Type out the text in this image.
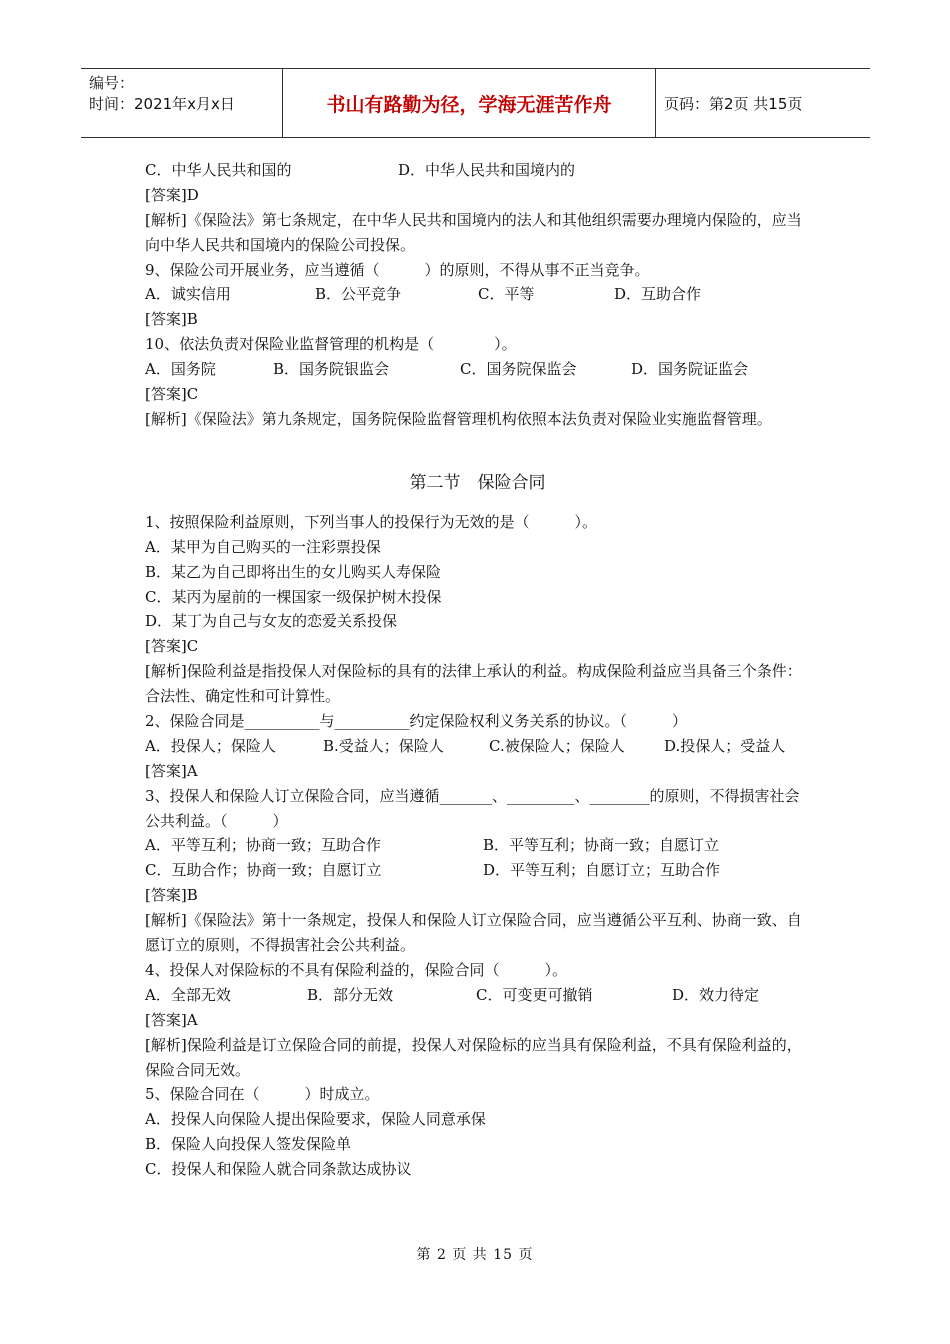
编号：
时间：2021年x月x日	书山有路勤为径，学海无涯苦作舟	页码：第2页 共15页
C．中华人民共和国的	D．中华人民共和国境内的
[答案]D
[解析]《保险法》第七条规定，在中华人民共和国境内的法人和其他组织需要办理境内保险的，应当向中华人民共和国境内的保险公司投保。
9、保险公司开展业务，应当遵循（　　　）的原则，不得从事不正当竞争。
A．诚实信用	B．公平竞争	C．平等	D．互助合作
[答案]B
10、依法负责对保险业监督管理的机构是（　　　　）。
A．国务院	B．国务院银监会	C．国务院保监会	D．国务院证监会
[答案]C
[解析]《保险法》第九条规定，国务院保险监督管理机构依照本法负责对保险业实施监督管理。
第二节　保险合同
1、按照保险利益原则，下列当事人的投保行为无效的是（　　　）。
A．某甲为自己购买的一注彩票投保
B．某乙为自己即将出生的女儿购买人寿保险
C．某丙为屋前的一棵国家一级保护树木投保
D．某丁为自己与女友的恋爱关系投保
[答案]C
[解析]保险利益是指投保人对保险标的具有的法律上承认的利益。构成保险利益应当具备三个条件：合法性、确定性和可计算性。
2、保险合同是__________与__________约定保险权利义务关系的协议。（　　　）
A．投保人；保险人	B.受益人；保险人	C.被保险人；保险人	D.投保人；受益人
[答案]A
3、投保人和保险人订立保险合同，应当遵循_______、_________、________的原则，不得损害社会公共利益。（　　　）
A．平等互利；协商一致；互助合作	B．平等互利；协商一致；自愿订立
C．互助合作；协商一致；自愿订立	D．平等互利；自愿订立；互助合作
[答案]B
[解析]《保险法》第十一条规定，投保人和保险人订立保险合同，应当遵循公平互利、协商一致、自愿订立的原则，不得损害社会公共利益。
4、投保人对保险标的不具有保险利益的，保险合同（　　　）。
A．全部无效	B．部分无效	C．可变更可撤销	D．效力待定
[答案]A
[解析]保险利益是订立保险合同的前提，投保人对保险标的应当具有保险利益，不具有保险利益的，保险合同无效。
5、保险合同在（　　　）时成立。
A．投保人向保险人提出保险要求，保险人同意承保
B．保险人向投保人签发保险单
C．投保人和保险人就合同条款达成协议
第 2 页 共 15 页
